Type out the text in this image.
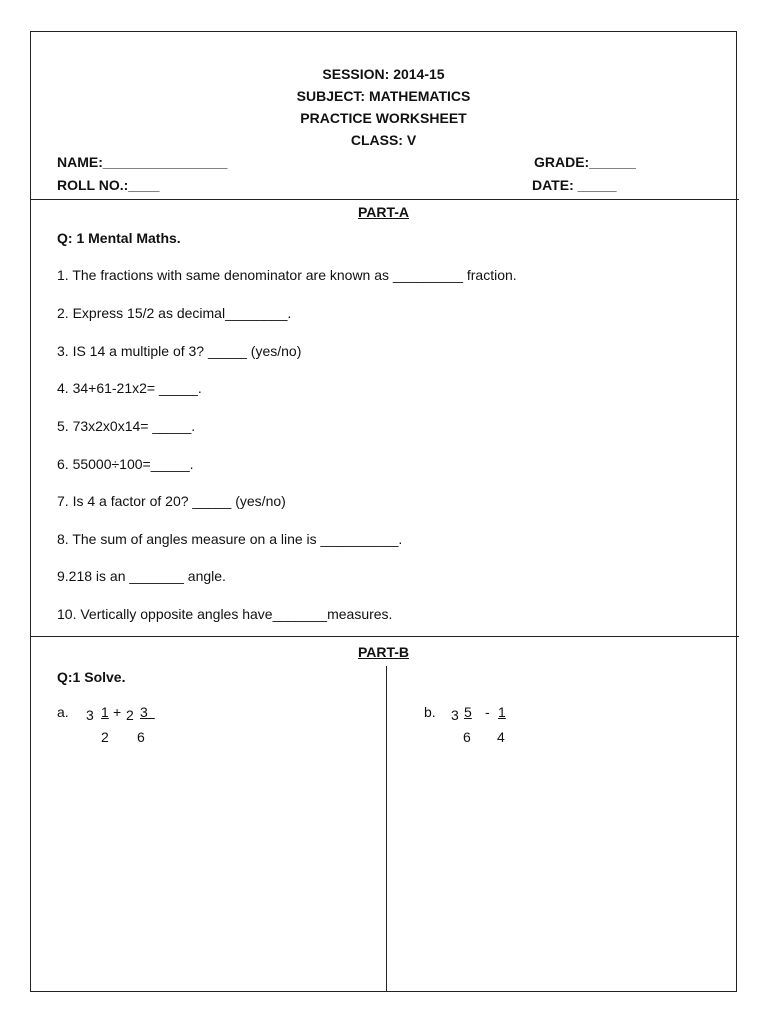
SESSION: 2014-15
SUBJECT: MATHEMATICS
PRACTICE WORKSHEET
CLASS: V
NAME:________________	GRADE:______
ROLL NO.:____	DATE: _____
PART-A
Q: 1 Mental Maths.
1. The fractions with same denominator are known as _________ fraction.
2. Express 15/2 as decimal________.
3. IS 14 a multiple of 3? _____ (yes/no)
4. 34+61-21x2= _____.
5. 73x2x0x14= _____.
6. 55000÷100=_____.
7. Is 4 a factor of 20? _____ (yes/no)
8. The sum of angles measure on a line is __________.
9.218 is an _______ angle.
10. Vertically opposite angles have_______measures.
PART-B
Q:1 Solve.
a. 3 1 + 2 3

2 6
b. 3 5 - 1
6 4
